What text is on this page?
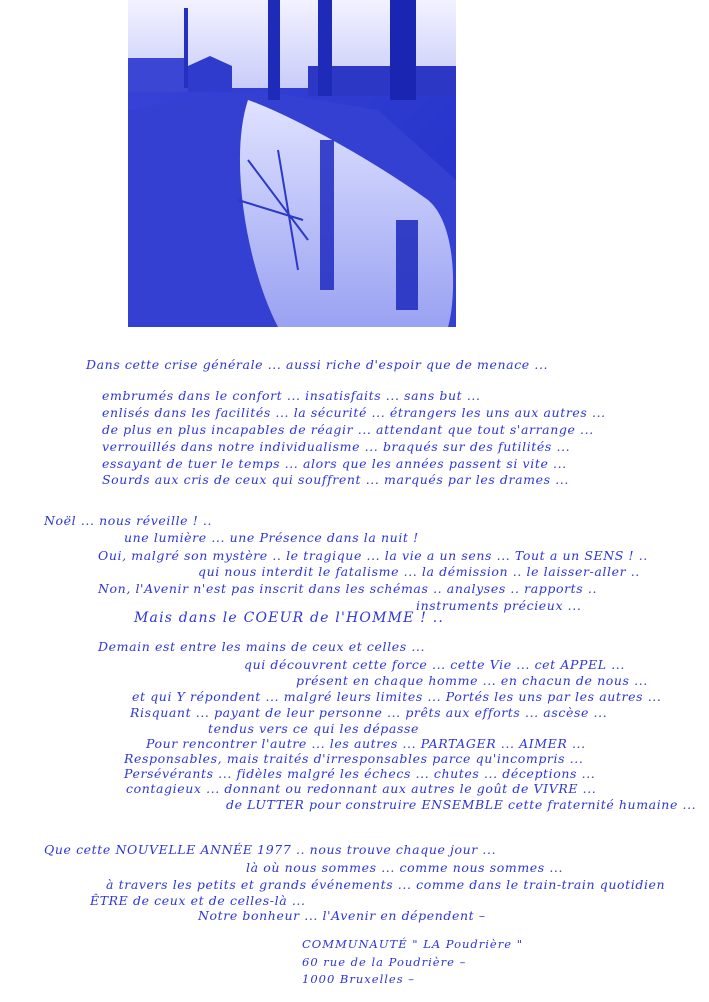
Dans cette crise générale ... aussi riche d'espoir que de menace ...
embrumés dans le confort ... insatisfaits ... sans but ...
enlisés dans les facilités ... la sécurité ... étrangers les uns aux autres ...
de plus en plus incapables de réagir ... attendant que tout s'arrange ...
verrouillés dans notre individualisme ... braqués sur des futilités ...
essayant de tuer le temps ... alors que les années passent si vite ...
Sourds aux cris de ceux qui souffrent ... marqués par les drames ...
Noël ... nous réveille ! ..
une lumière ... une Présence dans la nuit !
Oui, malgré son mystère .. le tragique ... la vie a un sens ... Tout a un SENS ! ..
qui nous interdit le fatalisme ... la démission .. le laisser-aller ..
Non, l'Avenir n'est pas inscrit dans les schémas .. analyses .. rapports ..
instruments précieux ...
Mais dans le COEUR de l'HOMME ! ..
Demain est entre les mains de ceux et celles ...
qui découvrent cette force ... cette Vie ... cet APPEL ...
présent en chaque homme ... en chacun de nous ...
et qui Y répondent ... malgré leurs limites ... Portés les uns par les autres ...
Risquant ... payant de leur personne ... prêts aux efforts ... ascèse ...
tendus vers ce qui les dépasse
Pour rencontrer l'autre ... les autres ... PARTAGER ... AIMER ...
Responsables, mais traités d'irresponsables parce qu'incompris ...
Persévérants ... fidèles malgré les échecs ... chutes ... déceptions ...
contagieux ... donnant ou redonnant aux autres le goût de VIVRE ...
de LUTTER pour construire ENSEMBLE cette fraternité humaine ...
Que cette NOUVELLE ANNÉE 1977 .. nous trouve chaque jour ...
là où nous sommes ... comme nous sommes ...
à travers les petits et grands événements ... comme dans le train-train quotidien
ÊTRE de ceux et de celles-là ...
Notre bonheur ... l'Avenir en dépendent –
COMMUNAUTÉ " LA Poudrière "
60 rue de la Poudrière –
1000 Bruxelles –
